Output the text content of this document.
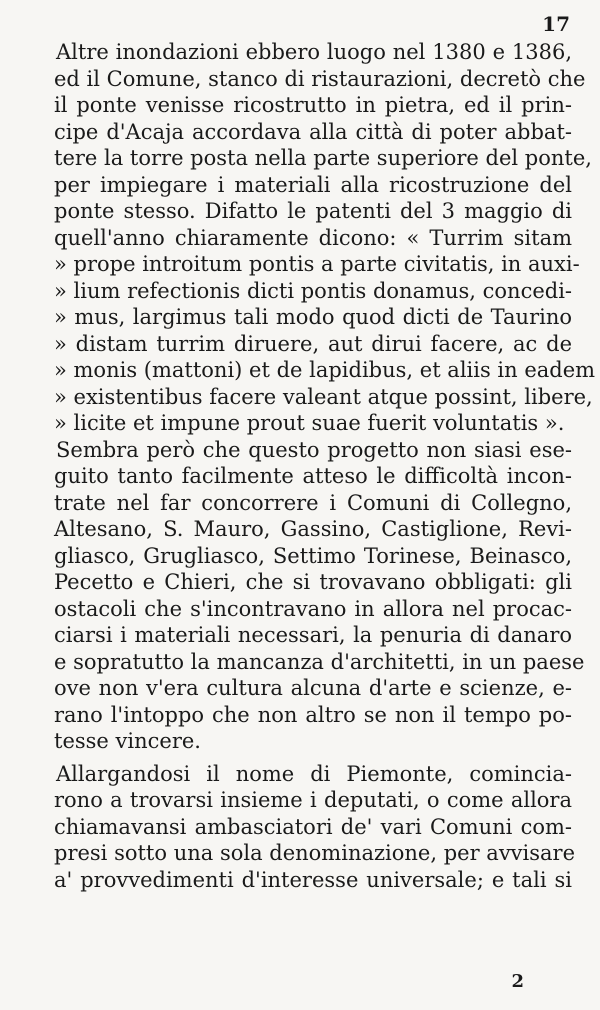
17
Altre inondazioni ebbero luogo nel 1380 e 1386,
ed il Comune, stanco di ristaurazioni, decretò che
il ponte venisse ricostrutto in pietra, ed il prin-
cipe d'Acaja accordava alla città di poter abbat-
tere la torre posta nella parte superiore del ponte,
per impiegare i materiali alla ricostruzione del
ponte stesso. Difatto le patenti del 3 maggio di
quell'anno chiaramente dicono: « Turrim sitam
» prope introitum pontis a parte civitatis, in auxi-
» lium refectionis dicti pontis donamus, concedi-
» mus, largimus tali modo quod dicti de Taurino
» distam turrim diruere, aut dirui facere, ac de
» monis (mattoni) et de lapidibus, et aliis in eadem
» existentibus facere valeant atque possint, libere,
» licite et impune prout suae fuerit voluntatis ».
Sembra però che questo progetto non siasi ese-
guito tanto facilmente atteso le difficoltà incon-
trate nel far concorrere i Comuni di Collegno,
Altesano, S. Mauro, Gassino, Castiglione, Revi-
gliasco, Grugliasco, Settimo Torinese, Beinasco,
Pecetto e Chieri, che si trovavano obbligati: gli
ostacoli che s'incontravano in allora nel procac-
ciarsi i materiali necessari, la penuria di danaro
e sopratutto la mancanza d'architetti, in un paese
ove non v'era cultura alcuna d'arte e scienze, e-
rano l'intoppo che non altro se non il tempo po-
tesse vincere.
Allargandosi il nome di Piemonte, comincia-
rono a trovarsi insieme i deputati, o come allora
chiamavansi ambasciatori de' vari Comuni com-
presi sotto una sola denominazione, per avvisare
a' provvedimenti d'interesse universale; e tali si
2
